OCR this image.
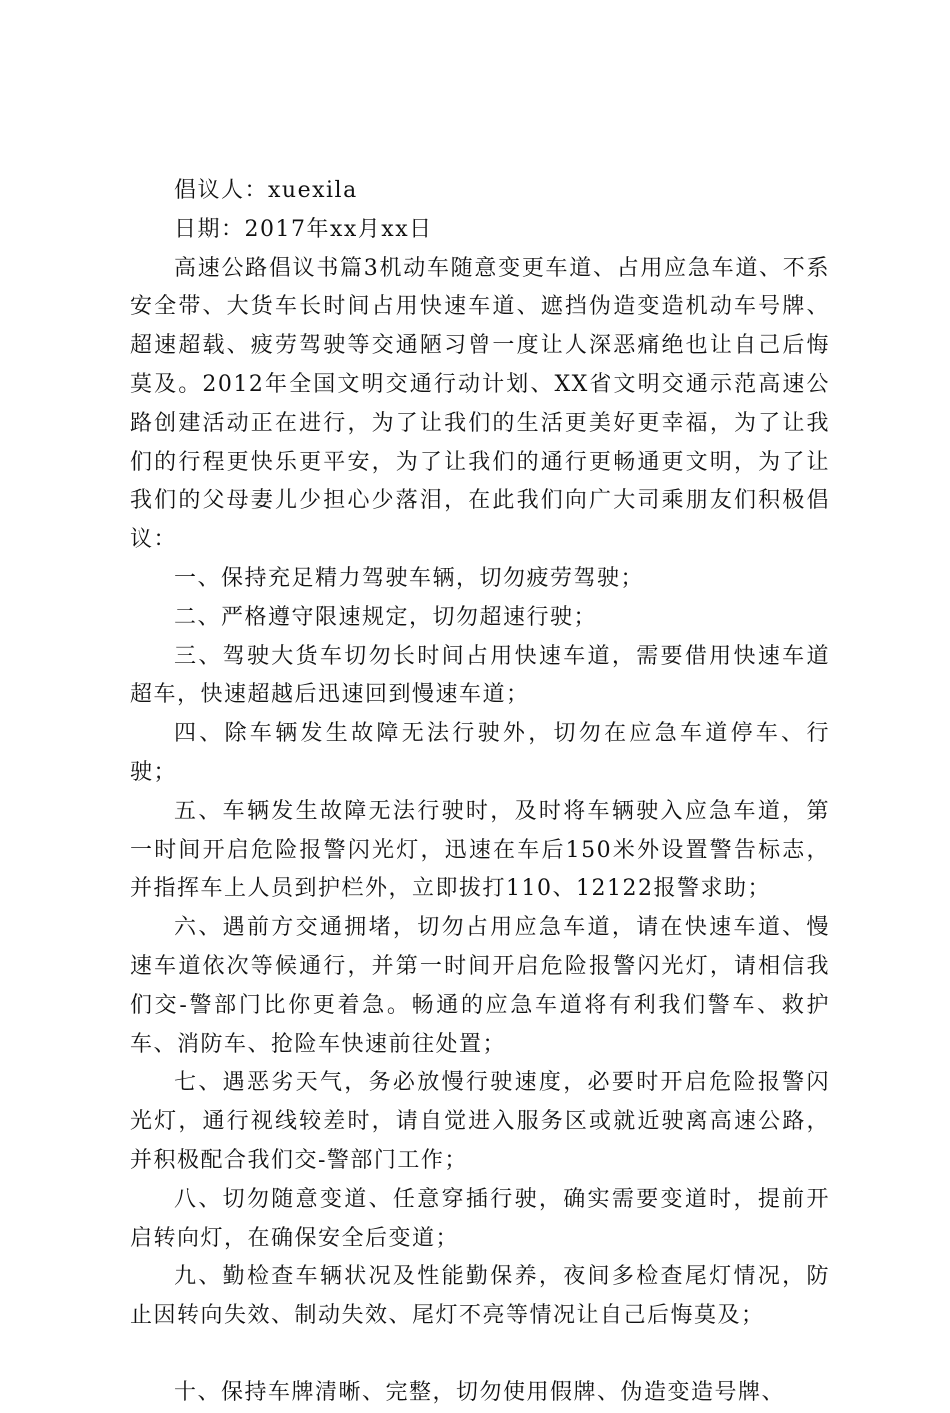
倡议人：xuexila

日期：2017年xx月xx日

高速公路倡议书篇3机动车随意变更车道、占用应急车道、不系安全带、大货车长时间占用快速车道、遮挡伪造变造机动车号牌、超速超载、疲劳驾驶等交通陋习曾一度让人深恶痛绝也让自己后悔莫及。2012年全国文明交通行动计划、XX省文明交通示范高速公路创建活动正在进行，为了让我们的生活更美好更幸福，为了让我们的行程更快乐更平安，为了让我们的通行更畅通更文明，为了让我们的父母妻儿少担心少落泪，在此我们向广大司乘朋友们积极倡议：

一、保持充足精力驾驶车辆，切勿疲劳驾驶；

二、严格遵守限速规定，切勿超速行驶；

三、驾驶大货车切勿长时间占用快速车道，需要借用快速车道超车，快速超越后迅速回到慢速车道；

四、除车辆发生故障无法行驶外，切勿在应急车道停车、行驶；

五、车辆发生故障无法行驶时，及时将车辆驶入应急车道，第一时间开启危险报警闪光灯，迅速在车后150米外设置警告标志，并指挥车上人员到护栏外，立即拔打110、12122报警求助；

六、遇前方交通拥堵，切勿占用应急车道，请在快速车道、慢速车道依次等候通行，并第一时间开启危险报警闪光灯，请相信我们交-警部门比你更着急。畅通的应急车道将有利我们警车、救护车、消防车、抢险车快速前往处置；

七、遇恶劣天气，务必放慢行驶速度，必要时开启危险报警闪光灯，通行视线较差时，请自觉进入服务区或就近驶离高速公路，并积极配合我们交-警部门工作；

八、切勿随意变道、任意穿插行驶，确实需要变道时，提前开启转向灯，在确保安全后变道；

九、勤检查车辆状况及性能勤保养，夜间多检查尾灯情况，防止因转向失效、制动失效、尾灯不亮等情况让自己后悔莫及；

十、保持车牌清晰、完整，切勿使用假牌、伪造变造号牌、
